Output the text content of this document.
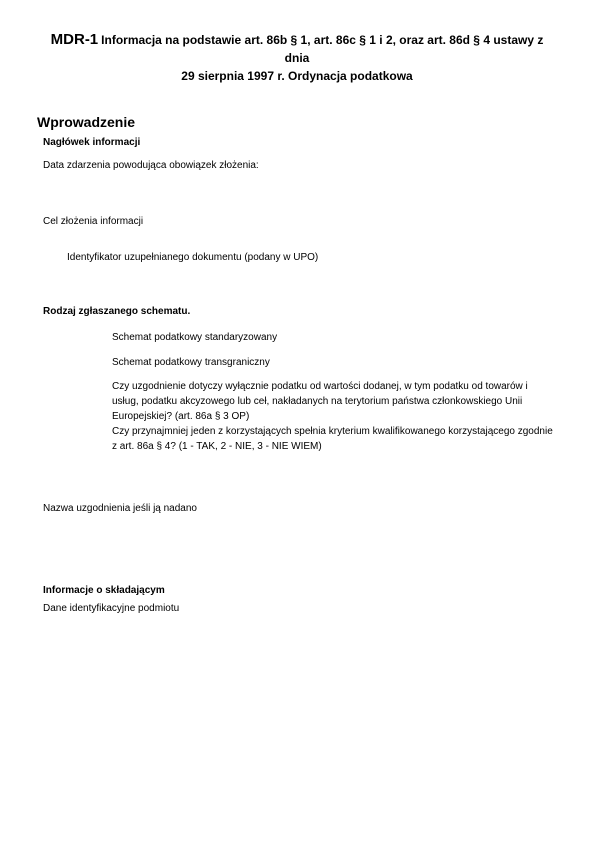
MDR-1 Informacja na podstawie art. 86b § 1, art. 86c § 1 i 2, oraz art. 86d § 4 ustawy z dnia
29 sierpnia 1997 r. Ordynacja podatkowa
Wprowadzenie
Nagłówek informacji
Data zdarzenia powodująca obowiązek złożenia:
Cel złożenia informacji
Identyfikator uzupełnianego dokumentu (podany w UPO)
Rodzaj zgłaszanego schematu.
Schemat podatkowy standaryzowany
Schemat podatkowy transgraniczny
Czy uzgodnienie dotyczy wyłącznie podatku od wartości dodanej, w tym podatku od towarów i usług, podatku akcyzowego lub ceł, nakładanych na terytorium państwa członkowskiego Unii Europejskiej? (art. 86a § 3 OP)
Czy przynajmniej jeden z korzystających spełnia kryterium kwalifikowanego korzystającego zgodnie z art. 86a § 4? (1 - TAK, 2 - NIE, 3 - NIE WIEM)
Nazwa uzgodnienia jeśli ją nadano
Informacje o składającym
Dane identyfikacyjne podmiotu
